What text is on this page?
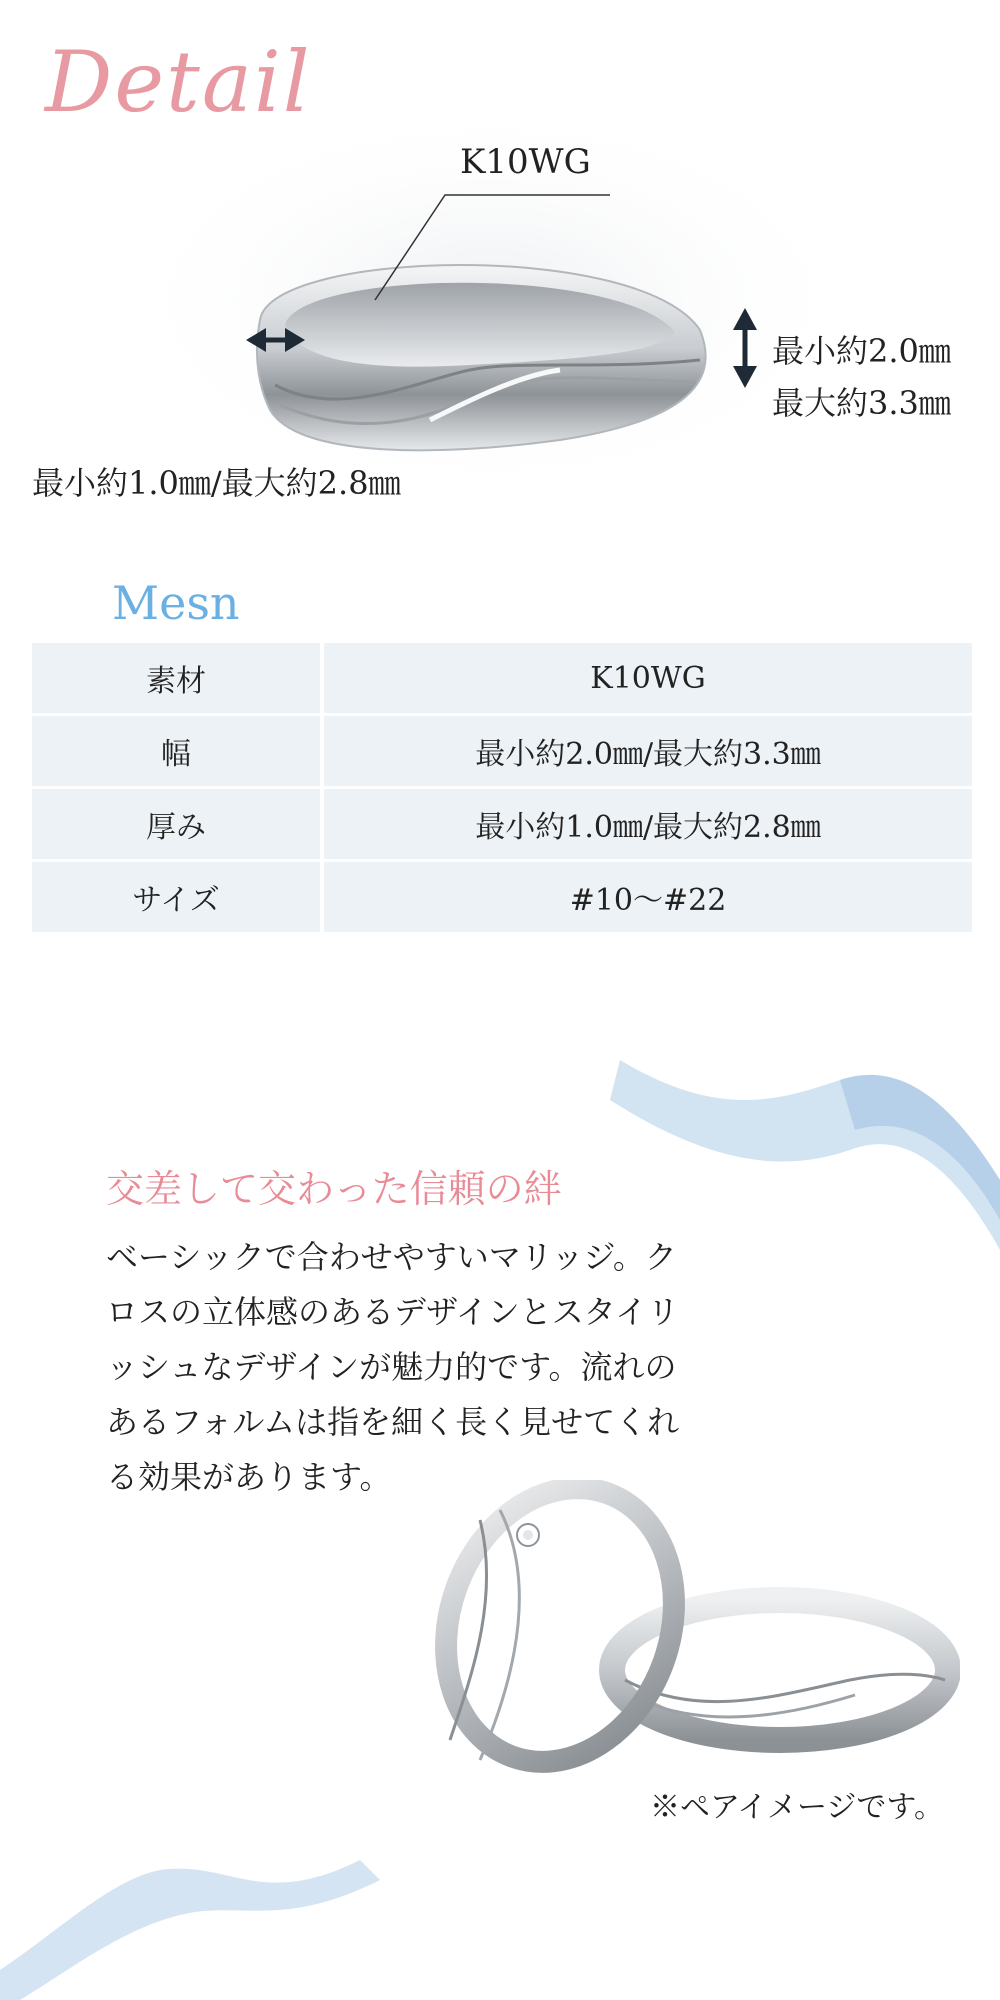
Detail
K10WG
最小約2.0㎜
最大約3.3㎜
最小約1.0㎜/最大約2.8㎜
Mesn
素材	K10WG
幅	最小約2.0㎜/最大約3.3㎜
厚み	最小約1.0㎜/最大約2.8㎜
サイズ	#10～#22
交差して交わった信頼の絆
ベーシックで合わせやすいマリッジ。クロスの立体感のあるデザインとスタイリッシュなデザインが魅力的です。流れのあるフォルムは指を細く長く見せてくれる効果があります。
※ペアイメージです。
